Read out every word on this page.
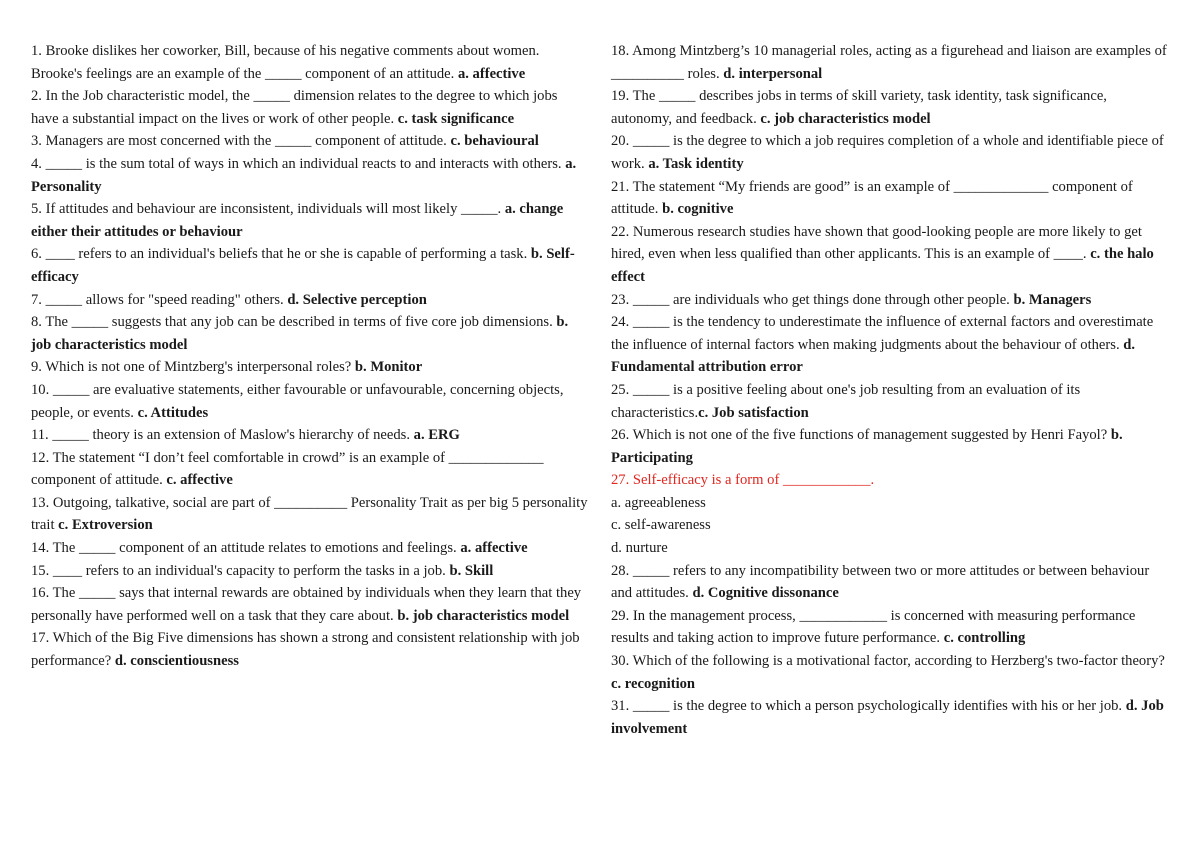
1. Brooke dislikes her coworker, Bill, because of his negative comments about women. Brooke's feelings are an example of the _____ component of an attitude. a. affective

2. In the Job characteristic model, the _____ dimension relates to the degree to which jobs have a substantial impact on the lives or work of other people. c. task significance

3. Managers are most concerned with the _____ component of attitude. c. behavioural

4. _____ is the sum total of ways in which an individual reacts to and interacts with others. a. Personality

5. If attitudes and behaviour are inconsistent, individuals will most likely _____. a. change either their attitudes or behaviour

6. ____ refers to an individual's beliefs that he or she is capable of performing a task. b. Self-efficacy

7. _____ allows for "speed reading" others. d. Selective perception

8. The _____ suggests that any job can be described in terms of five core job dimensions. b. job characteristics model

9. Which is not one of Mintzberg's interpersonal roles? b. Monitor

10. _____ are evaluative statements, either favourable or unfavourable, concerning objects, people, or events. c. Attitudes

11. _____ theory is an extension of Maslow's hierarchy of needs. a. ERG

12. The statement “I don’t feel comfortable in crowd” is an example of _____________ component of attitude. c. affective

13. Outgoing, talkative, social are part of __________ Personality Trait as per big 5 personality trait c. Extroversion

14. The _____ component of an attitude relates to emotions and feelings. a. affective

15. ____ refers to an individual's capacity to perform the tasks in a job. b. Skill

16. The _____ says that internal rewards are obtained by individuals when they learn that they personally have performed well on a task that they care about. b. job characteristics model

17. Which of the Big Five dimensions has shown a strong and consistent relationship with job performance? d. conscientiousness

18. Among Mintzberg’s 10 managerial roles, acting as a figurehead and liaison are examples of __________ roles. d. interpersonal

19. The _____ describes jobs in terms of skill variety, task identity, task significance, autonomy, and feedback. c. job characteristics model

20. _____ is the degree to which a job requires completion of a whole and identifiable piece of work. a. Task identity

21. The statement “My friends are good” is an example of _____________ component of attitude. b. cognitive

22. Numerous research studies have shown that good-looking people are more likely to get hired, even when less qualified than other applicants. This is an example of ____. c. the halo effect

23. _____ are individuals who get things done through other people. b. Managers

24. _____ is the tendency to underestimate the influence of external factors and overestimate the influence of internal factors when making judgments about the behaviour of others. d. Fundamental attribution error

25. _____ is a positive feeling about one's job resulting from an evaluation of its characteristics.c. Job satisfaction

26. Which is not one of the five functions of management suggested by Henri Fayol? b. Participating

27. Self-efficacy is a form of ____________.

a. agreeableness

c. self-awareness

d. nurture

28. _____ refers to any incompatibility between two or more attitudes or between behaviour and attitudes. d. Cognitive dissonance

29. In the management process, ____________ is concerned with measuring performance results and taking action to improve future performance. c. controlling

30. Which of the following is a motivational factor, according to Herzberg's two-factor theory? c. recognition

31. _____ is the degree to which a person psychologically identifies with his or her job. d. Job involvement
